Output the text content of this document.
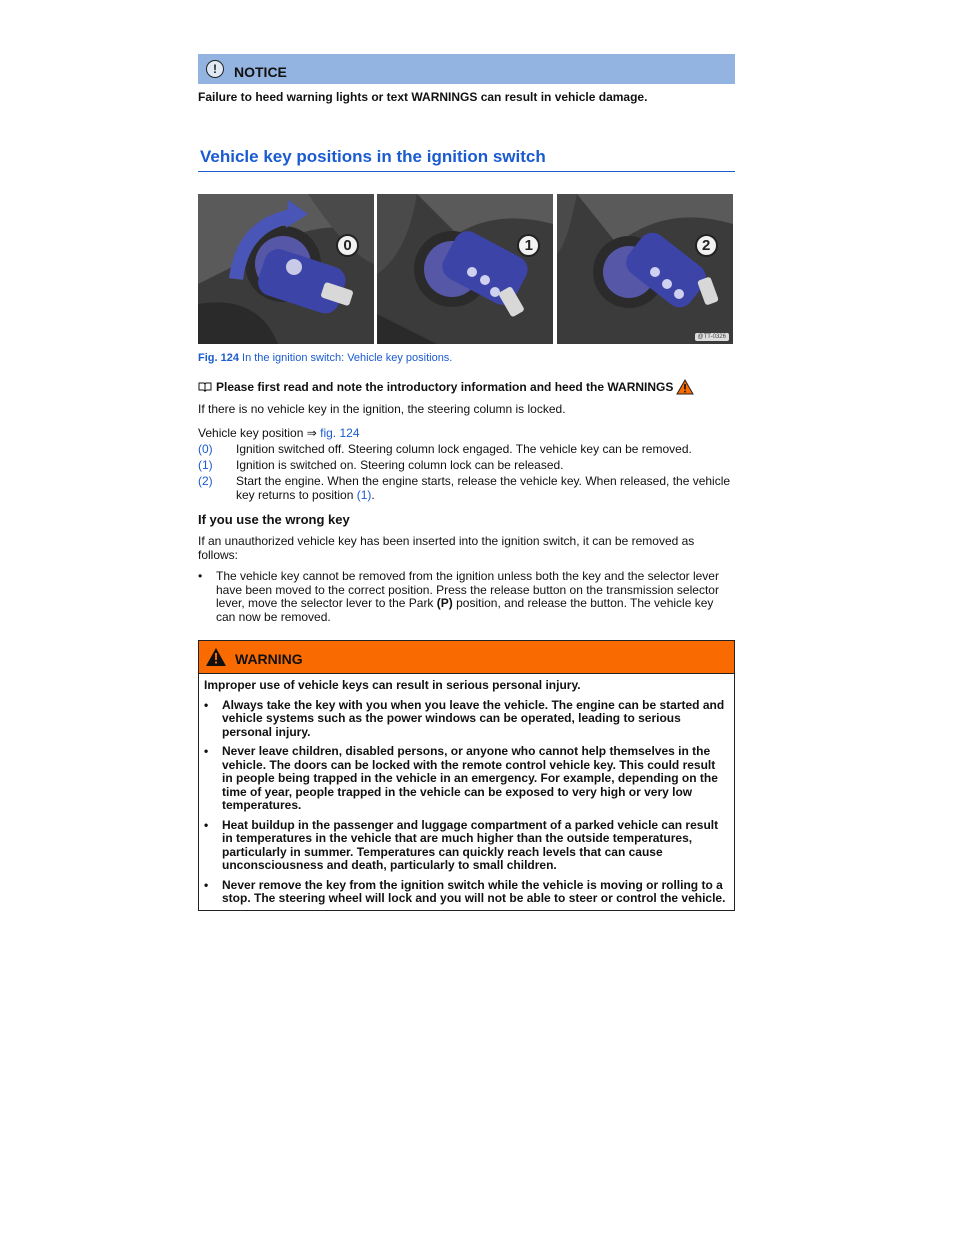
!	NOTICE
Failure to heed warning lights or text WARNINGS can result in vehicle damage.
Vehicle key positions in the ignition switch
0	1	2
@TT-0326
Fig. 124 In the ignition switch: Vehicle key positions.
Please first read and note the introductory information and heed the WARNINGS
If there is no vehicle key in the ignition, the steering column is locked.
Vehicle key position ⇒ fig. 124
(0)	Ignition switched off. Steering column lock engaged. The vehicle key can be removed.
(1)	Ignition is switched on. Steering column lock can be released.
(2)	Start the engine. When the engine starts, release the vehicle key. When released, the vehicle key returns to position (1).
If you use the wrong key
If an unauthorized vehicle key has been inserted into the ignition switch, it can be removed as follows:
•	The vehicle key cannot be removed from the ignition unless both the key and the selector lever have been moved to the correct position. Press the release button on the transmission selector lever, move the selector lever to the Park (P) position, and release the button. The vehicle key can now be removed.
WARNING
Improper use of vehicle keys can result in serious personal injury.
•	Always take the key with you when you leave the vehicle. The engine can be started and vehicle systems such as the power windows can be operated, leading to serious personal injury.
•	Never leave children, disabled persons, or anyone who cannot help themselves in the vehicle. The doors can be locked with the remote control vehicle key. This could result in people being trapped in the vehicle in an emergency. For example, depending on the time of year, people trapped in the vehicle can be exposed to very high or very low temperatures.
•	Heat buildup in the passenger and luggage compartment of a parked vehicle can result in temperatures in the vehicle that are much higher than the outside temperatures, particularly in summer. Temperatures can quickly reach levels that can cause unconsciousness and death, particularly to small children.
•	Never remove the key from the ignition switch while the vehicle is moving or rolling to a stop. The steering wheel will lock and you will not be able to steer or control the vehicle.
